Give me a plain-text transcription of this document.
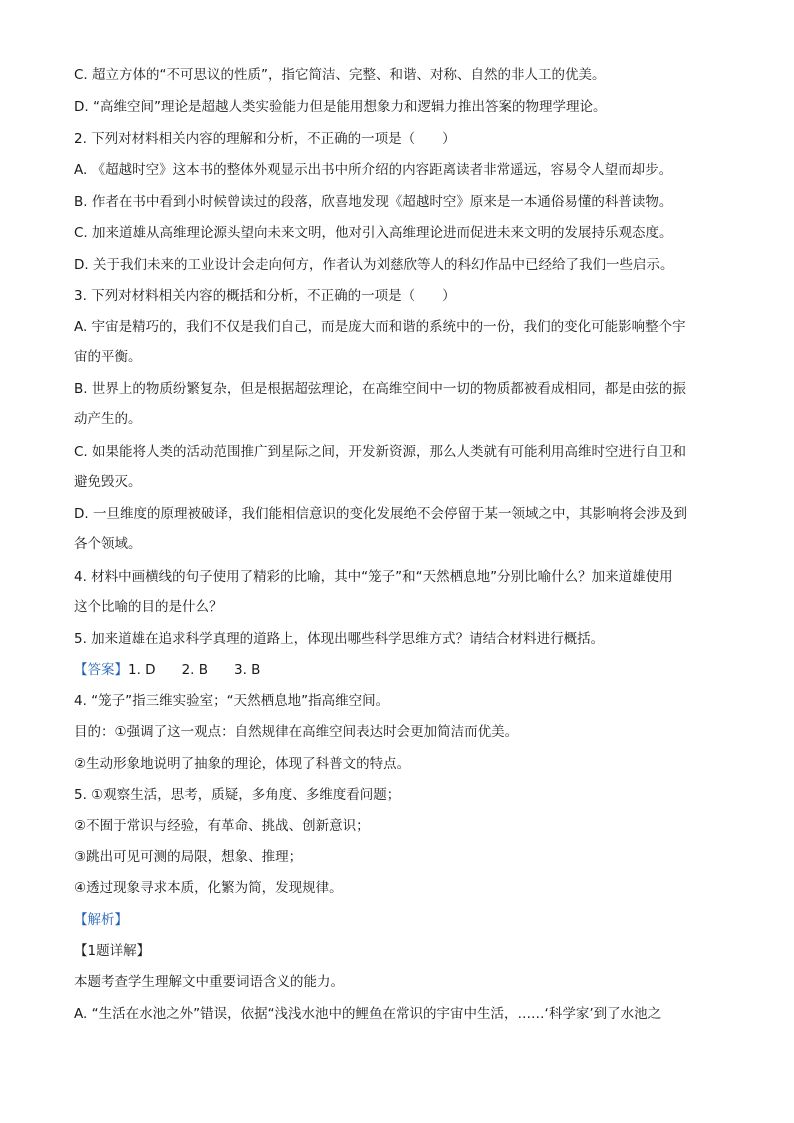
C. 超立方体的“不可思议的性质”，指它简洁、完整、和谐、对称、自然的非人工的优美。
D. “高维空间”理论是超越人类实验能力但是能用想象力和逻辑力推出答案的物理学理论。
2. 下列对材料相关内容的理解和分析，不正确的一项是（　　）
A. 《超越时空》这本书的整体外观显示出书中所介绍的内容距离读者非常遥远，容易令人望而却步。
B. 作者在书中看到小时候曾读过的段落，欣喜地发现《超越时空》原来是一本通俗易懂的科普读物。
C. 加来道雄从高维理论源头望向未来文明，他对引入高维理论进而促进未来文明的发展持乐观态度。
D. 关于我们未来的工业设计会走向何方，作者认为刘慈欣等人的科幻作品中已经给了我们一些启示。
3. 下列对材料相关内容的概括和分析，不正确的一项是（　　）
A. 宇宙是精巧的，我们不仅是我们自己，而是庞大而和谐的系统中的一份，我们的变化可能影响整个宇
宙的平衡。
B. 世界上的物质纷繁复杂，但是根据超弦理论，在高维空间中一切的物质都被看成相同，都是由弦的振
动产生的。
C. 如果能将人类的活动范围推广到星际之间，开发新资源，那么人类就有可能利用高维时空进行自卫和
避免毁灭。
D. 一旦维度的原理被破译，我们能相信意识的变化发展绝不会停留于某一领域之中，其影响将会涉及到
各个领域。
4. 材料中画横线的句子使用了精彩的比喻，其中“笼子”和“天然栖息地”分别比喻什么？加来道雄使用
这个比喻的目的是什么？
5. 加来道雄在追求科学真理的道路上，体现出哪些科学思维方式？请结合材料进行概括。
【答案】1. D 2. B 3. B
4. “笼子”指三维实验室；“天然栖息地”指高维空间。
目的：①强调了这一观点：自然规律在高维空间表达时会更加简洁而优美。
②生动形象地说明了抽象的理论，体现了科普文的特点。
5. ①观察生活，思考，质疑，多角度、多维度看问题；
②不囿于常识与经验，有革命、挑战、创新意识；
③跳出可见可测的局限，想象、推理；
④透过现象寻求本质，化繁为简，发现规律。
【解析】
【1题详解】
本题考查学生理解文中重要词语含义的能力。
A. “生活在水池之外”错误，依据“浅浅水池中的鲤鱼在常识的宇宙中生活，……‘科学家’到了水池之
